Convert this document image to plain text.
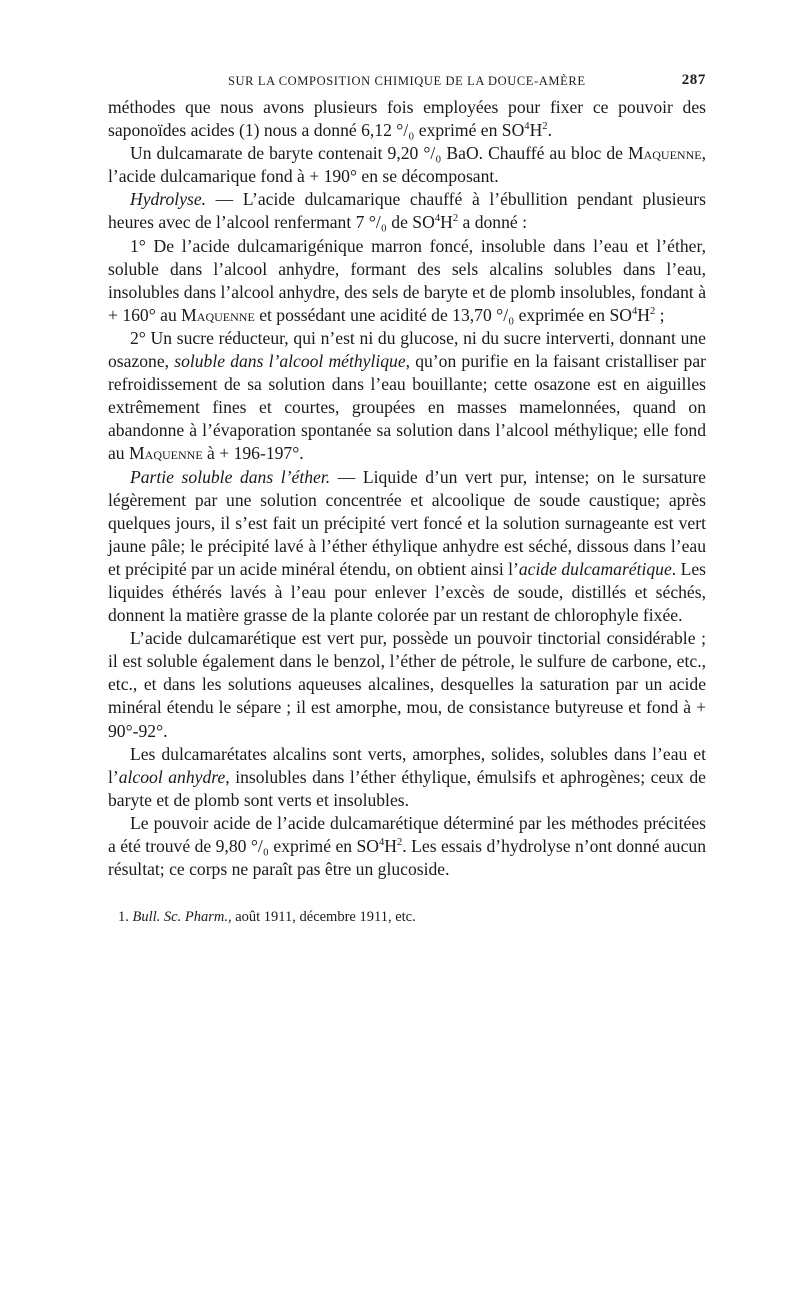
SUR LA COMPOSITION CHIMIQUE DE LA DOUCE-AMÈRE	287

méthodes que nous avons plusieurs fois employées pour fixer ce pouvoir des saponoïdes acides (1) nous a donné 6,12 °/₀ exprimé en $SO^4H^2$.

Un dulcamarate de baryte contenait 9,20 °/₀ BaO. Chauffé au bloc de Maquenne, l’acide dulcamarique fond à + 190° en se décomposant.

Hydrolyse. — L’acide dulcamarique chauffé à l’ébullition pendant plusieurs heures avec de l’alcool renfermant 7 °/₀ de $SO^4H^2$ a donné :

1° De l’acide dulcamarigénique marron foncé, insoluble dans l’eau et l’éther, soluble dans l’alcool anhydre, formant des sels alcalins solubles dans l’eau, insolubles dans l’alcool anhydre, des sels de baryte et de plomb insolubles, fondant à + 160° au Maquenne et possédant une acidité de 13,70 °/₀ exprimée en $SO^4H^2$ ;

2° Un sucre réducteur, qui n’est ni du glucose, ni du sucre interverti, donnant une osazone, soluble dans l’alcool méthylique, qu’on purifie en la faisant cristalliser par refroidissement de sa solution dans l’eau bouillante; cette osazone est en aiguilles extrêmement fines et courtes, groupées en masses mamelonnées, quand on abandonne à l’évaporation spontanée sa solution dans l’alcool méthylique; elle fond au Maquenne à + 196-197°.

Partie soluble dans l’éther. — Liquide d’un vert pur, intense; on le sursature légèrement par une solution concentrée et alcoolique de soude caustique; après quelques jours, il s’est fait un précipité vert foncé et la solution surnageante est vert jaune pâle; le précipité lavé à l’éther éthylique anhydre est séché, dissous dans l’eau et précipité par un acide minéral étendu, on obtient ainsi l’acide dulcamarétique. Les liquides éthérés lavés à l’eau pour enlever l’excès de soude, distillés et séchés, donnent la matière grasse de la plante colorée par un restant de chlorophyle fixée.

L’acide dulcamarétique est vert pur, possède un pouvoir tinctorial considérable ; il est soluble également dans le benzol, l’éther de pétrole, le sulfure de carbone, etc., etc., et dans les solutions aqueuses alcalines, desquelles la saturation par un acide minéral étendu le sépare ; il est amorphe, mou, de consistance butyreuse et fond à + 90°-92°.

Les dulcamarétates alcalins sont verts, amorphes, solides, solubles dans l’eau et l’alcool anhydre, insolubles dans l’éther éthylique, émulsifs et aphrogènes; ceux de baryte et de plomb sont verts et insolubles.

Le pouvoir acide de l’acide dulcamarétique déterminé par les méthodes précitées a été trouvé de 9,80 °/₀ exprimé en $SO^4H^2$. Les essais d’hydrolyse n’ont donné aucun résultat; ce corps ne paraît pas être un glucoside.

1. Bull. Sc. Pharm., août 1911, décembre 1911, etc.
